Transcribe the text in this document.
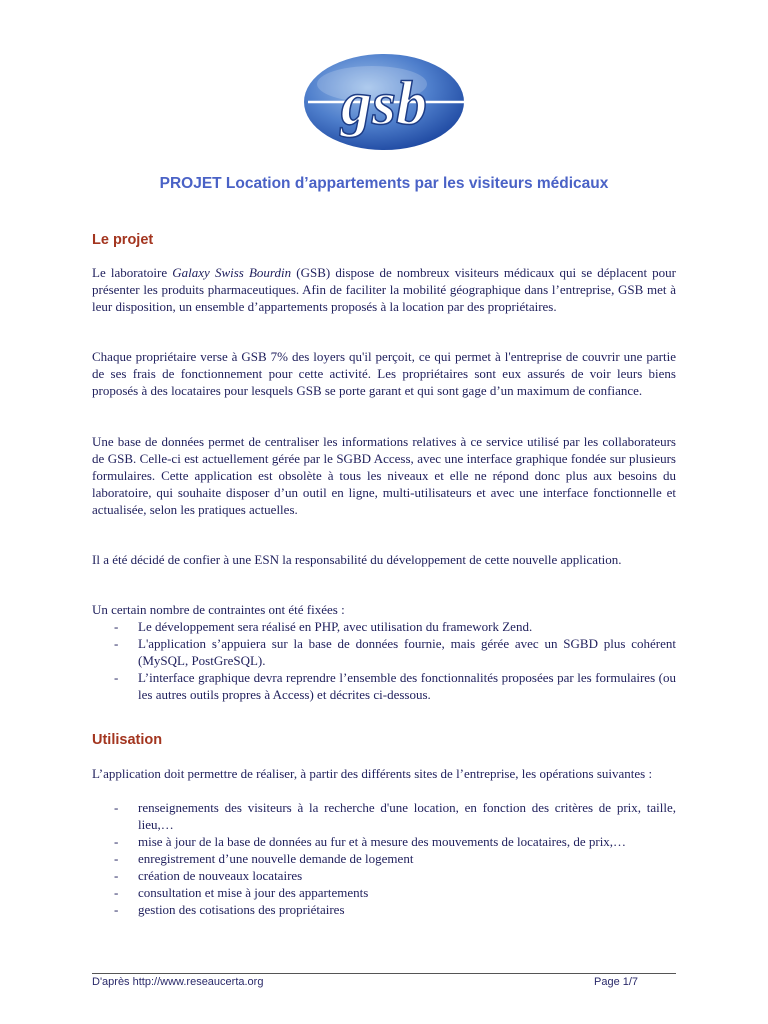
gsb
PROJET Location d’appartements par les visiteurs médicaux
Le projet
Le laboratoire Galaxy Swiss Bourdin (GSB) dispose de nombreux visiteurs médicaux qui se déplacent pour présenter les produits pharmaceutiques. Afin de faciliter la mobilité géographique dans l’entreprise, GSB met à leur disposition, un ensemble d’appartements proposés à la location par des propriétaires.
Chaque propriétaire verse à GSB 7% des loyers qu'il perçoit, ce qui permet à l'entreprise de couvrir une partie de ses frais de fonctionnement pour cette activité. Les propriétaires sont eux assurés de voir leurs biens proposés à des locataires pour lesquels GSB se porte garant et qui sont gage d’un maximum de confiance.
Une base de données permet de centraliser les informations relatives à ce service utilisé par les collaborateurs de GSB. Celle-ci est actuellement gérée par le SGBD Access, avec une interface graphique fondée sur plusieurs formulaires. Cette application est obsolète à tous les niveaux et elle ne répond donc plus aux besoins du laboratoire, qui souhaite disposer d’un outil en ligne, multi-utilisateurs et avec une interface fonctionnelle et actualisée, selon les pratiques actuelles.
Il a été décidé de confier à une ESN la responsabilité du développement de cette nouvelle application.
Un certain nombre de contraintes ont été fixées :
- Le développement sera réalisé en PHP, avec utilisation du framework Zend.
- L'application s’appuiera sur la base de données fournie, mais gérée avec un SGBD plus cohérent (MySQL, PostGreSQL).
- L’interface graphique devra reprendre l’ensemble des fonctionnalités proposées par les formulaires (ou les autres outils propres à Access) et décrites ci-dessous.
Utilisation
L’application doit permettre de réaliser, à partir des différents sites de l’entreprise, les opérations suivantes :
- renseignements des visiteurs à la recherche d'une location, en fonction des critères de prix, taille, lieu,…
- mise à jour de la base de données au fur et à mesure des mouvements de locataires, de prix,…
- enregistrement d’une nouvelle demande de logement
- création de nouveaux locataires
- consultation et mise à jour des appartements
- gestion des cotisations des propriétaires
D'après http://www.reseaucerta.org	Page 1/7
